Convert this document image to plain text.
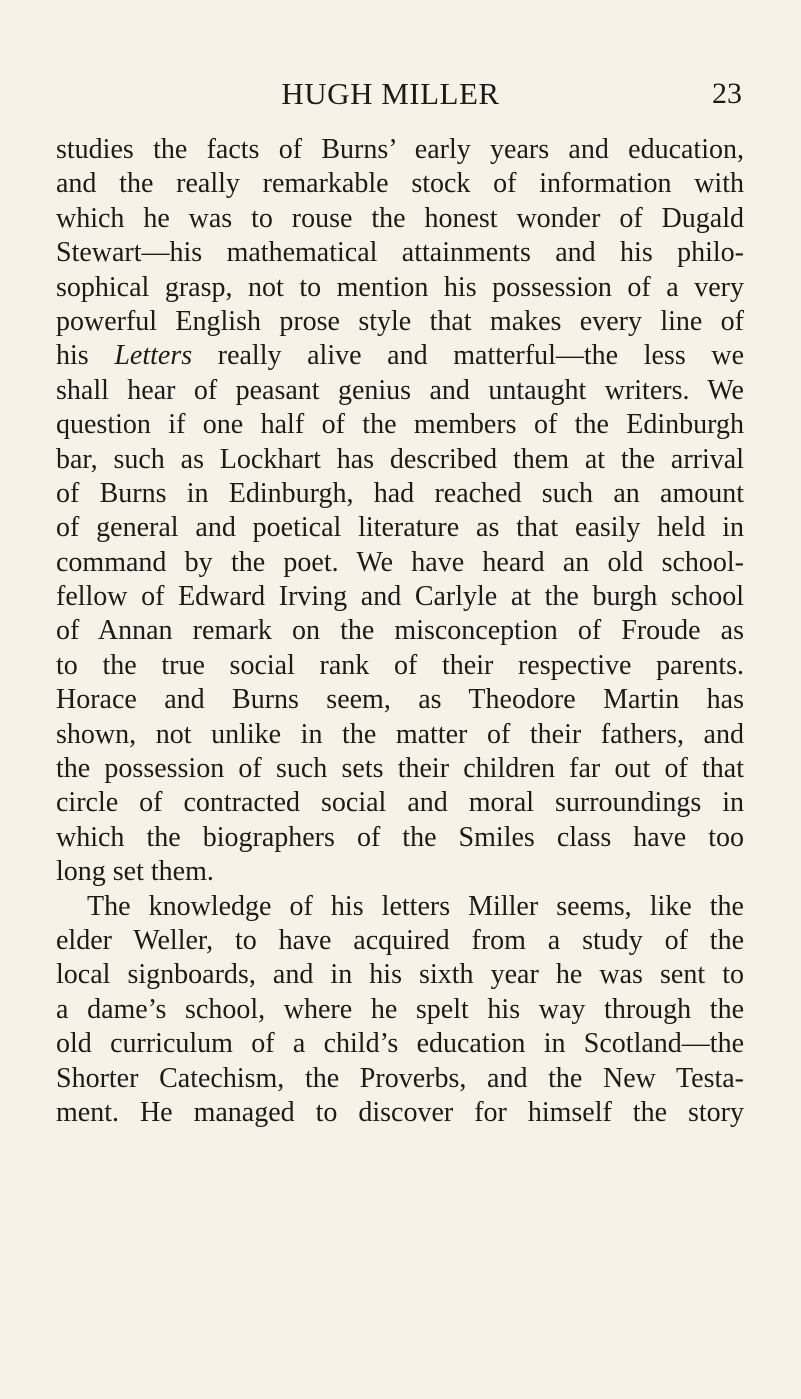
HUGH MILLER	23
studies the facts of Burns’ early years and education,
and the really remarkable stock of information with
which he was to rouse the honest wonder of Dugald
Stewart—his mathematical attainments and his philo-
sophical grasp, not to mention his possession of a very
powerful English prose style that makes every line of
his Letters really alive and matterful—the less we
shall hear of peasant genius and untaught writers. We
question if one half of the members of the Edinburgh
bar, such as Lockhart has described them at the arrival
of Burns in Edinburgh, had reached such an amount
of general and poetical literature as that easily held in
command by the poet. We have heard an old school-
fellow of Edward Irving and Carlyle at the burgh school
of Annan remark on the misconception of Froude as
to the true social rank of their respective parents.
Horace and Burns seem, as Theodore Martin has
shown, not unlike in the matter of their fathers, and
the possession of such sets their children far out of that
circle of contracted social and moral surroundings in
which the biographers of the Smiles class have too
long set them.
The knowledge of his letters Miller seems, like the
elder Weller, to have acquired from a study of the
local signboards, and in his sixth year he was sent to
a dame’s school, where he spelt his way through the
old curriculum of a child’s education in Scotland—the
Shorter Catechism, the Proverbs, and the New Testa-
ment. He managed to discover for himself the story
